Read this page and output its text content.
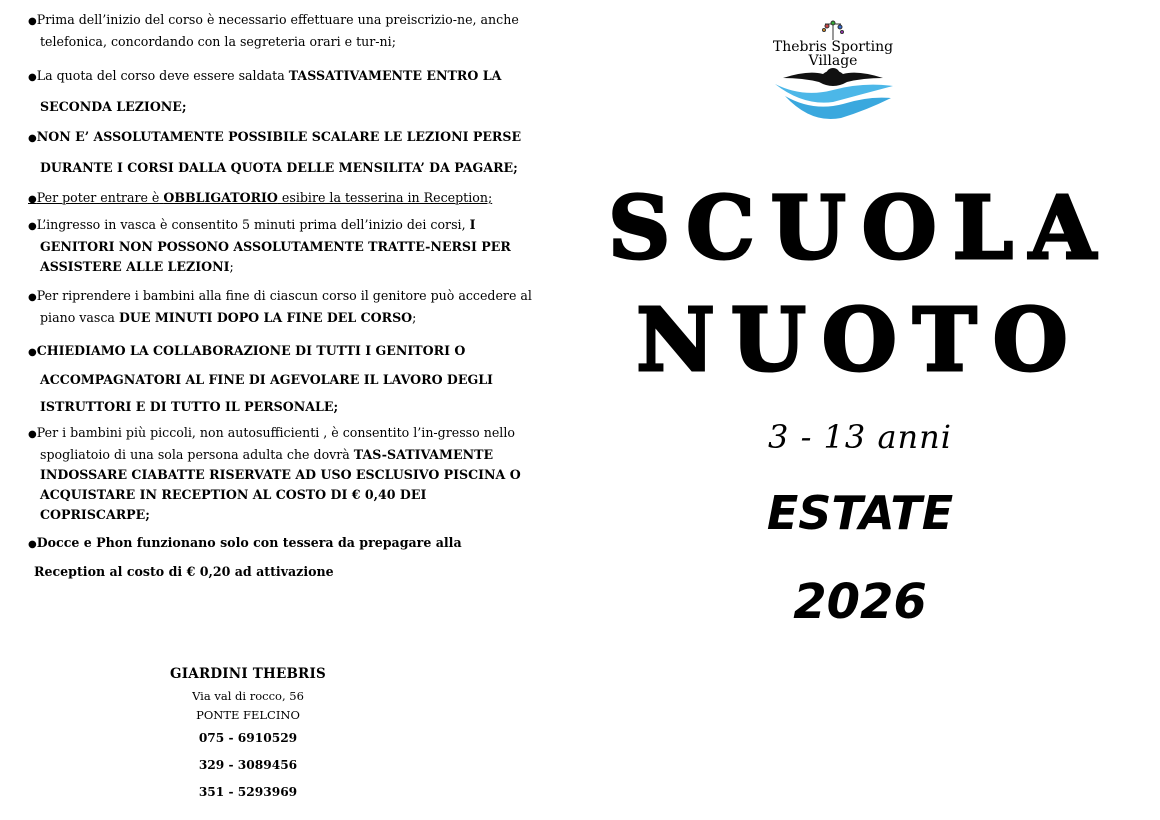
●Prima dell’inizio del corso è necessario effettuare una preiscrizio-ne, anche telefonica, concordando con la segreteria orari e tur-ni;
●La quota del corso deve essere saldata TASSATIVAMENTE ENTRO LA SECONDA LEZIONE;
●NON E’ ASSOLUTAMENTE POSSIBILE SCALARE LE LEZIONI PERSE DURANTE I CORSI DALLA QUOTA DELLE MENSILITA’ DA PAGARE;
●Per poter entrare è OBBLIGATORIO esibire la tesserina in Reception;
●L’ingresso in vasca è consentito 5 minuti prima dell’inizio dei corsi, I GENITORI NON POSSONO ASSOLUTAMENTE TRATTE-NERSI PER ASSISTERE ALLE LEZIONI;
●Per riprendere i bambini alla fine di ciascun corso il genitore può accedere al piano vasca DUE MINUTI DOPO LA FINE DEL CORSO;
●CHIEDIAMO LA COLLABORAZIONE DI TUTTI I GENITORI O ACCOMPAGNATORI AL FINE DI AGEVOLARE IL LAVORO DEGLI ISTRUTTORI E DI TUTTO IL PERSONALE;
●Per i bambini più piccoli, non autosufficienti , è consentito l’in-gresso nello spogliatoio di una sola persona adulta che dovrà TAS-SATIVAMENTE INDOSSARE CIABATTE RISERVATE AD USO ESCLUSIVO PISCINA O ACQUISTARE IN RECEPTION AL COSTO DI € 0,40 DEI COPRISCARPE;
●Docce e Phon funzionano solo con tessera da prepagare alla
Reception al costo di € 0,20 ad attivazione
GIARDINI THEBRIS
Via val di rocco, 56
PONTE FELCINO
075 - 6910529
329 - 3089456
351 - 5293969
Thebris Sporting
Village
SCUOLA
NUOTO
3 - 13 anni
ESTATE
2026
